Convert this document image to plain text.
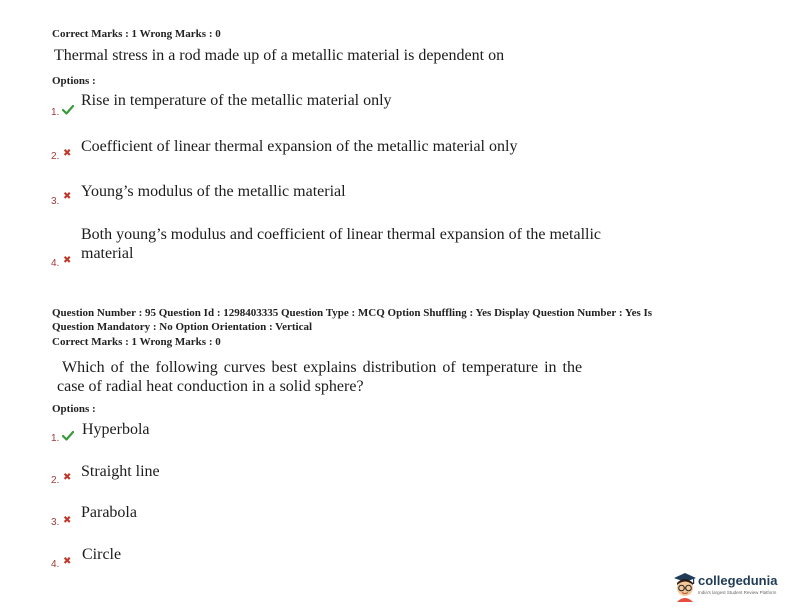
Correct Marks : 1 Wrong Marks : 0
Thermal stress in a rod made up of a metallic material is dependent on
Options :
1.
Rise in temperature of the metallic material only
2. ✖ Coefficient of linear thermal expansion of the metallic material only
3. ✖ Young’s modulus of the metallic material
4. ✖
Both young’s modulus and coefficient of linear thermal expansion of the metallic
material
Question Number : 95 Question Id : 1298403335 Question Type : MCQ Option Shuffling : Yes Display Question Number : Yes Is
Question Mandatory : No Option Orientation : Vertical
Correct Marks : 1 Wrong Marks : 0
Which of the following curves best explains distribution of temperature in the
case of radial heat conduction in a solid sphere?
Options :
1.
Hyperbola
2. ✖ Straight line
3. ✖ Parabola
4. ✖ Circle
collegedunia
India's largest Student Review Platform
